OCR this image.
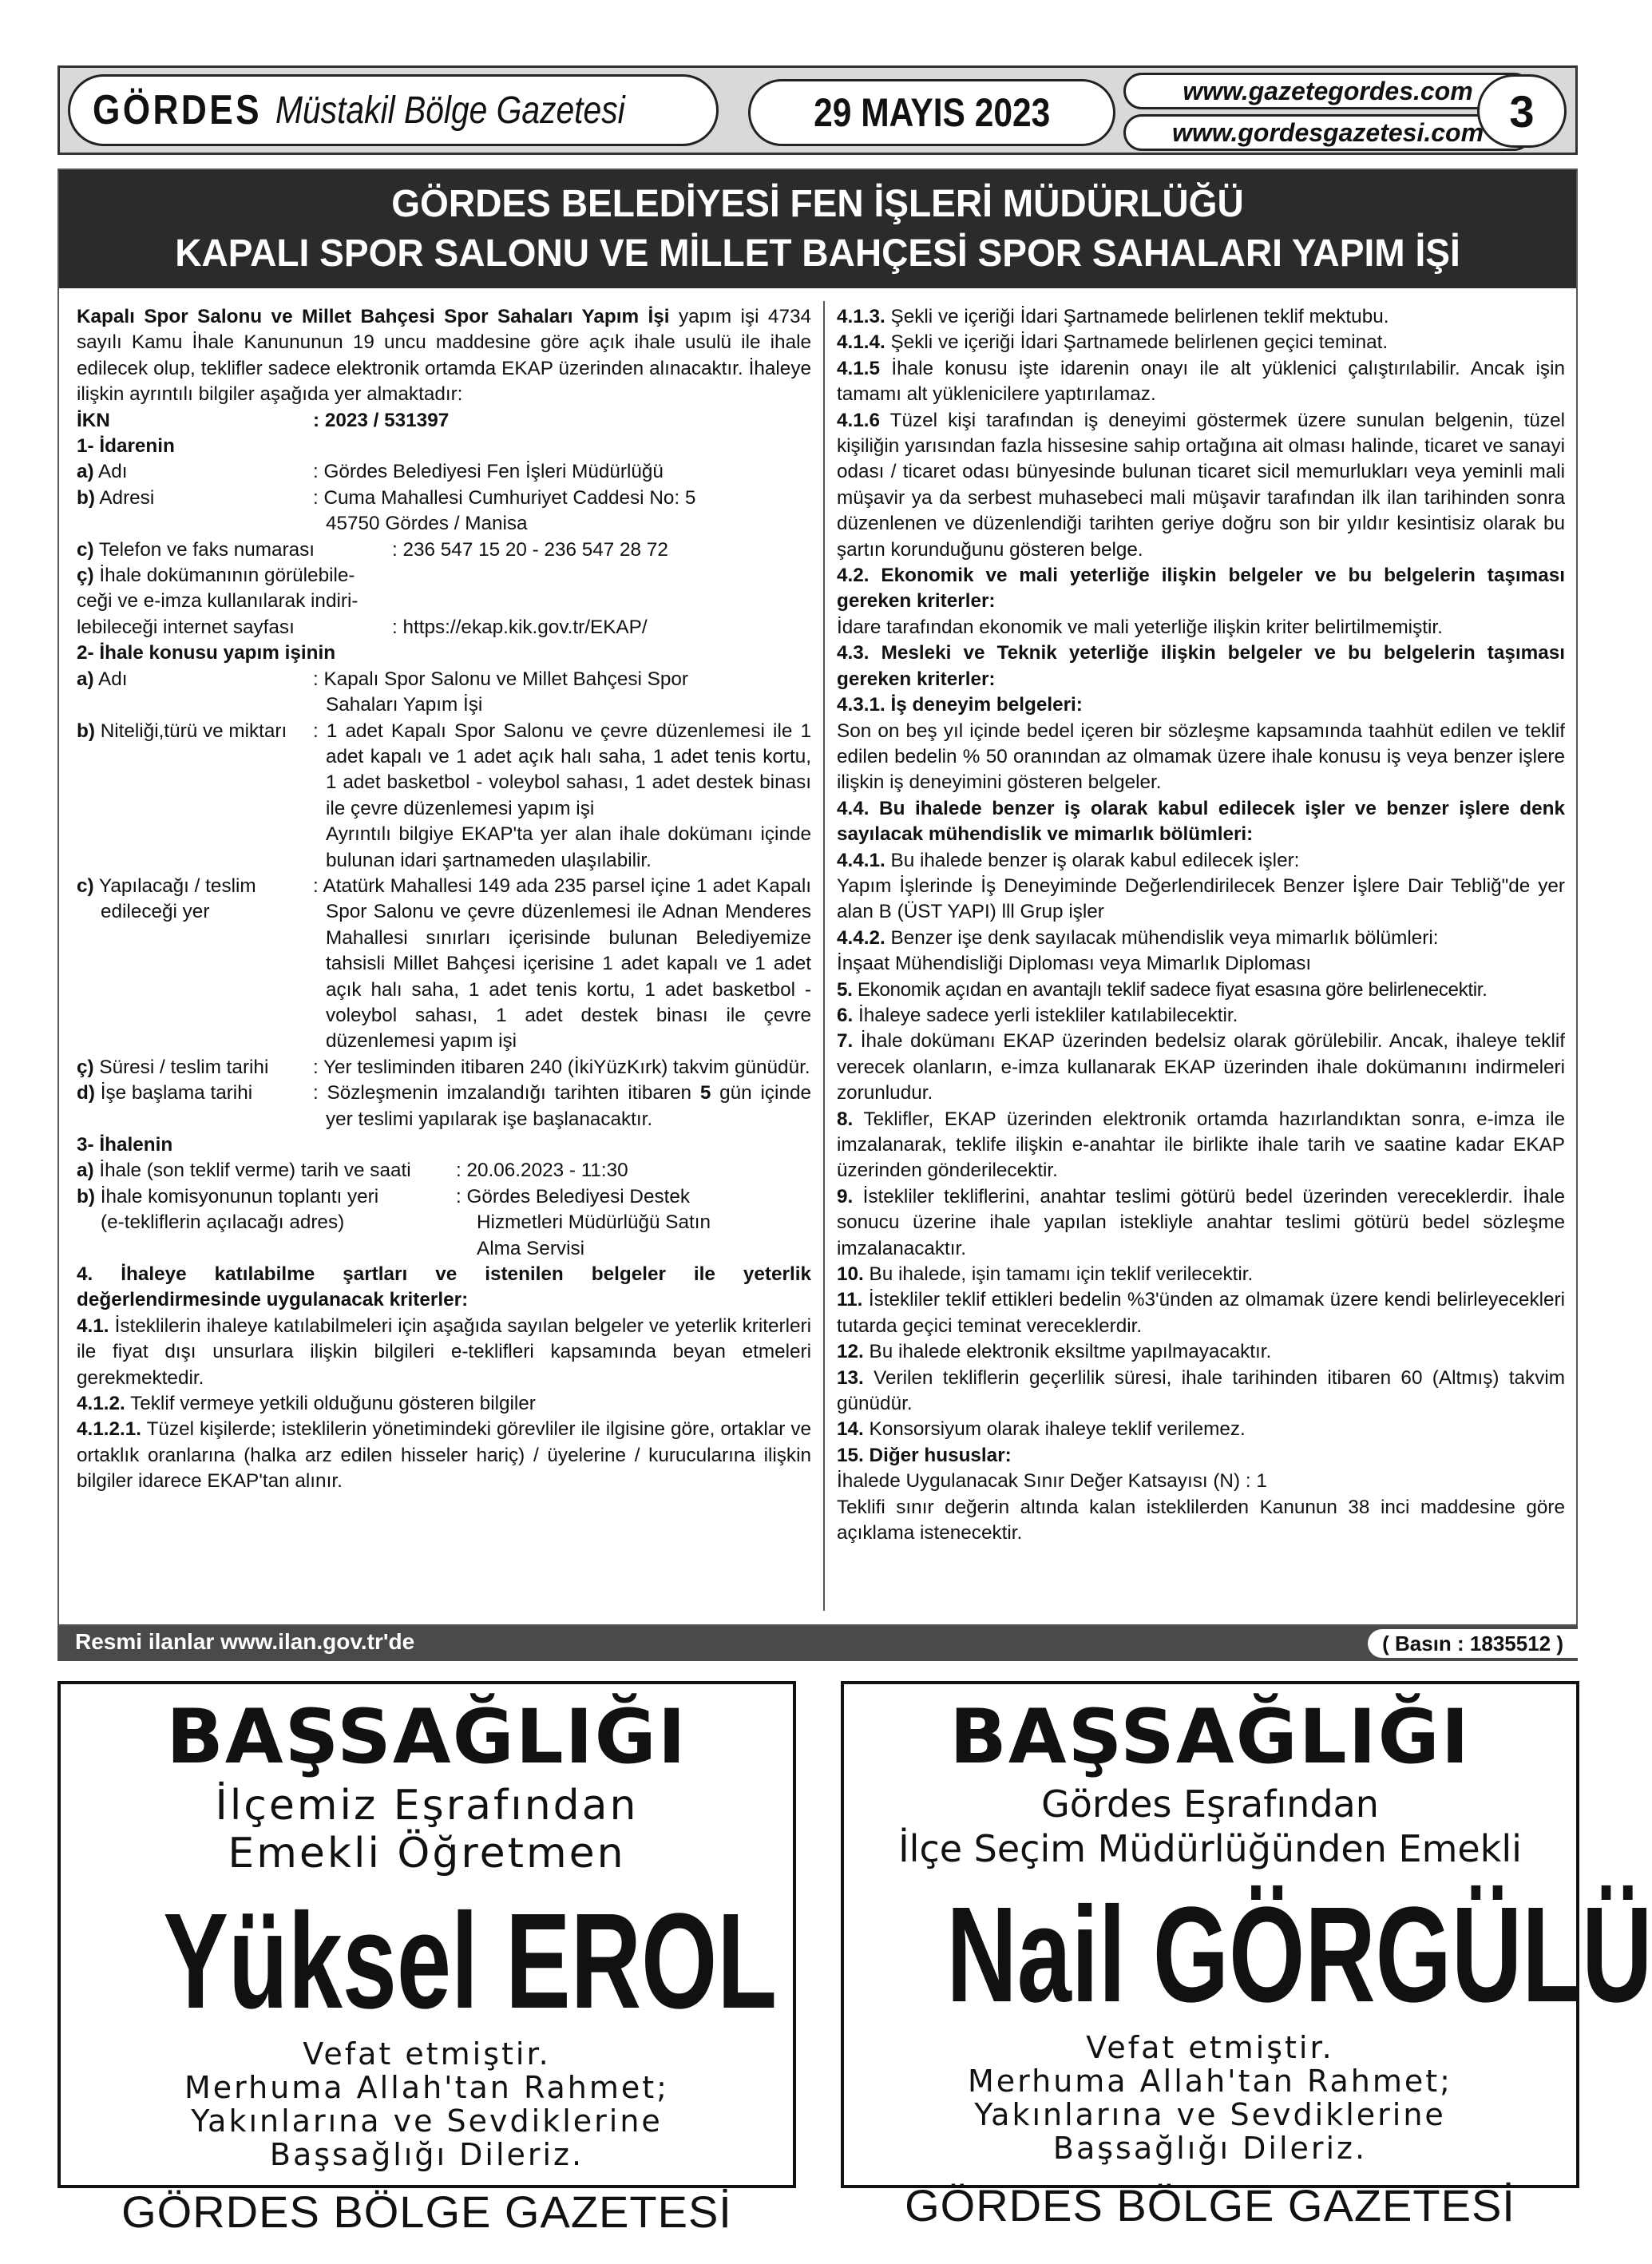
GÖRDES Müstakil Bölge Gazetesi	29 MAYIS 2023	www.gazetegordes.com
www.gordesgazetesi.com 3
GÖRDES BELEDİYESİ FEN İŞLERİ MÜDÜRLÜĞÜ
KAPALI SPOR SALONU VE MİLLET BAHÇESİ SPOR SAHALARI YAPIM İŞİ

Kapalı Spor Salonu ve Millet Bahçesi Spor Sahaları Yapım İşi yapım işi 4734 sayılı Kamu İhale Kanununun 19 uncu maddesine göre açık ihale usulü ile ihale edilecek olup, teklifler sadece elektronik ortamda EKAP üzerinden alınacaktır. İhaleye ilişkin ayrıntılı bilgiler aşağıda yer almaktadır:

İKN	: 2023 / 531397
1- İdarenin
a) Adı	: Gördes Belediyesi Fen İşleri Müdürlüğü
b) Adresi	: Cuma Mahallesi Cumhuriyet Caddesi No: 5
45750 Gördes / Manisa
c) Telefon ve faks numarası	: 236 547 15 20 - 236 547 28 72
ç) İhale dokümanının görülebile-
ceği ve e-imza kullanılarak indiri-
lebileceği internet sayfası	: https://ekap.kik.gov.tr/EKAP/
2- İhale konusu yapım işinin
a) Adı	: Kapalı Spor Salonu ve Millet Bahçesi Spor
Sahaları Yapım İşi
b) Niteliği,türü ve miktarı	: 1 adet Kapalı Spor Salonu ve çevre düzenlemesi ile 1 adet kapalı ve 1 adet açık halı saha, 1 adet tenis kortu, 1 adet basketbol - voleybol sahası, 1 adet destek binası ile çevre düzenlemesi yapım işi
Ayrıntılı bilgiye EKAP'ta yer alan ihale dokümanı içinde bulunan idari şartnameden ulaşılabilir.
c) Yapılacağı / teslim
edileceği yer
: Atatürk Mahallesi 149 ada 235 parsel içine 1 adet Kapalı Spor Salonu ve çevre düzenlemesi ile Adnan Menderes Mahallesi sınırları içerisinde bulunan Belediyemize tahsisli Millet Bahçesi içerisine 1 adet kapalı ve 1 adet açık halı saha, 1 adet tenis kortu, 1 adet basketbol - voleybol sahası, 1 adet destek binası ile çevre düzenlemesi yapım işi
ç) Süresi / teslim tarihi	: Yer tesliminden itibaren 240 (İkiYüzKırk) takvim günüdür.
d) İşe başlama tarihi	: Sözleşmenin imzalandığı tarihten itibaren 5 gün içinde yer teslimi yapılarak işe başlanacaktır.
3- İhalenin
a) İhale (son teklif verme) tarih ve saati	: 20.06.2023 - 11:30
b) İhale komisyonunun toplantı yeri
(e-tekliflerin açılacağı adres)
: Gördes Belediyesi Destek
Hizmetleri Müdürlüğü Satın
Alma Servisi

4. İhaleye katılabilme şartları ve istenilen belgeler ile yeterlik değerlendirmesinde uygulanacak kriterler:

4.1. İsteklilerin ihaleye katılabilmeleri için aşağıda sayılan belgeler ve yeterlik kriterleri ile fiyat dışı unsurlara ilişkin bilgileri e-teklifleri kapsamında beyan etmeleri gerekmektedir.

4.1.2. Teklif vermeye yetkili olduğunu gösteren bilgiler

4.1.2.1. Tüzel kişilerde; isteklilerin yönetimindeki görevliler ile ilgisine göre, ortaklar ve ortaklık oranlarına (halka arz edilen hisseler hariç) / üyelerine / kurucularına ilişkin bilgiler idarece EKAP'tan alınır.

4.1.3. Şekli ve içeriği İdari Şartnamede belirlenen teklif mektubu.

4.1.4. Şekli ve içeriği İdari Şartnamede belirlenen geçici teminat.

4.1.5 İhale konusu işte idarenin onayı ile alt yüklenici çalıştırılabilir. Ancak işin tamamı alt yüklenicilere yaptırılamaz.

4.1.6 Tüzel kişi tarafından iş deneyimi göstermek üzere sunulan belgenin, tüzel kişiliğin yarısından fazla hissesine sahip ortağına ait olması halinde, ticaret ve sanayi odası / ticaret odası bünyesinde bulunan ticaret sicil memurlukları veya yeminli mali müşavir ya da serbest muhasebeci mali müşavir tarafından ilk ilan tarihinden sonra düzenlenen ve düzenlendiği tarihten geriye doğru son bir yıldır kesintisiz olarak bu şartın korunduğunu gösteren belge.

4.2. Ekonomik ve mali yeterliğe ilişkin belgeler ve bu belgelerin taşıması gereken kriterler:

İdare tarafından ekonomik ve mali yeterliğe ilişkin kriter belirtilmemiştir.

4.3. Mesleki ve Teknik yeterliğe ilişkin belgeler ve bu belgelerin taşıması gereken kriterler:

4.3.1. İş deneyim belgeleri:

Son on beş yıl içinde bedel içeren bir sözleşme kapsamında taahhüt edilen ve teklif edilen bedelin % 50 oranından az olmamak üzere ihale konusu iş veya benzer işlere ilişkin iş deneyimini gösteren belgeler.

4.4. Bu ihalede benzer iş olarak kabul edilecek işler ve benzer işlere denk sayılacak mühendislik ve mimarlık bölümleri:

4.4.1. Bu ihalede benzer iş olarak kabul edilecek işler:

Yapım İşlerinde İş Deneyiminde Değerlendirilecek Benzer İşlere Dair Tebliğ"de yer alan B (ÜST YAPI) lll Grup işler

4.4.2. Benzer işe denk sayılacak mühendislik veya mimarlık bölümleri:

İnşaat Mühendisliği Diploması veya Mimarlık Diploması

5. Ekonomik açıdan en avantajlı teklif sadece fiyat esasına göre belirlenecektir.

6. İhaleye sadece yerli istekliler katılabilecektir.

7. İhale dokümanı EKAP üzerinden bedelsiz olarak görülebilir. Ancak, ihaleye teklif verecek olanların, e-imza kullanarak EKAP üzerinden ihale dokümanını indirmeleri zorunludur.

8. Teklifler, EKAP üzerinden elektronik ortamda hazırlandıktan sonra, e-imza ile imzalanarak, teklife ilişkin e-anahtar ile birlikte ihale tarih ve saatine kadar EKAP üzerinden gönderilecektir.

9. İstekliler tekliflerini, anahtar teslimi götürü bedel üzerinden vereceklerdir. İhale sonucu üzerine ihale yapılan istekliyle anahtar teslimi götürü bedel sözleşme imzalanacaktır.

10. Bu ihalede, işin tamamı için teklif verilecektir.

11. İstekliler teklif ettikleri bedelin %3'ünden az olmamak üzere kendi belirleyecekleri tutarda geçici teminat vereceklerdir.

12. Bu ihalede elektronik eksiltme yapılmayacaktır.

13. Verilen tekliflerin geçerlilik süresi, ihale tarihinden itibaren 60 (Altmış) takvim günüdür.

14. Konsorsiyum olarak ihaleye teklif verilemez.

15. Diğer hususlar:

İhalede Uygulanacak Sınır Değer Katsayısı (N) : 1

Teklifi sınır değerin altında kalan isteklilerden Kanunun 38 inci maddesine göre açıklama istenecektir.

Resmi ilanlar www.ilan.gov.tr'de	( Basın : 1835512 )
BAŞSAĞLIĞI
İlçemiz Eşrafından
Emekli Öğretmen
Yüksel EROL
Vefat etmiştir.
Merhuma Allah'tan Rahmet;
Yakınlarına ve Sevdiklerine
Başsağlığı Dileriz.
GÖRDES BÖLGE GAZETESİ
BAŞSAĞLIĞI
Gördes Eşrafından
İlçe Seçim Müdürlüğünden Emekli
Nail GÖRGÜLÜ
Vefat etmiştir.
Merhuma Allah'tan Rahmet;
Yakınlarına ve Sevdiklerine
Başsağlığı Dileriz.
GÖRDES BÖLGE GAZETESİ
